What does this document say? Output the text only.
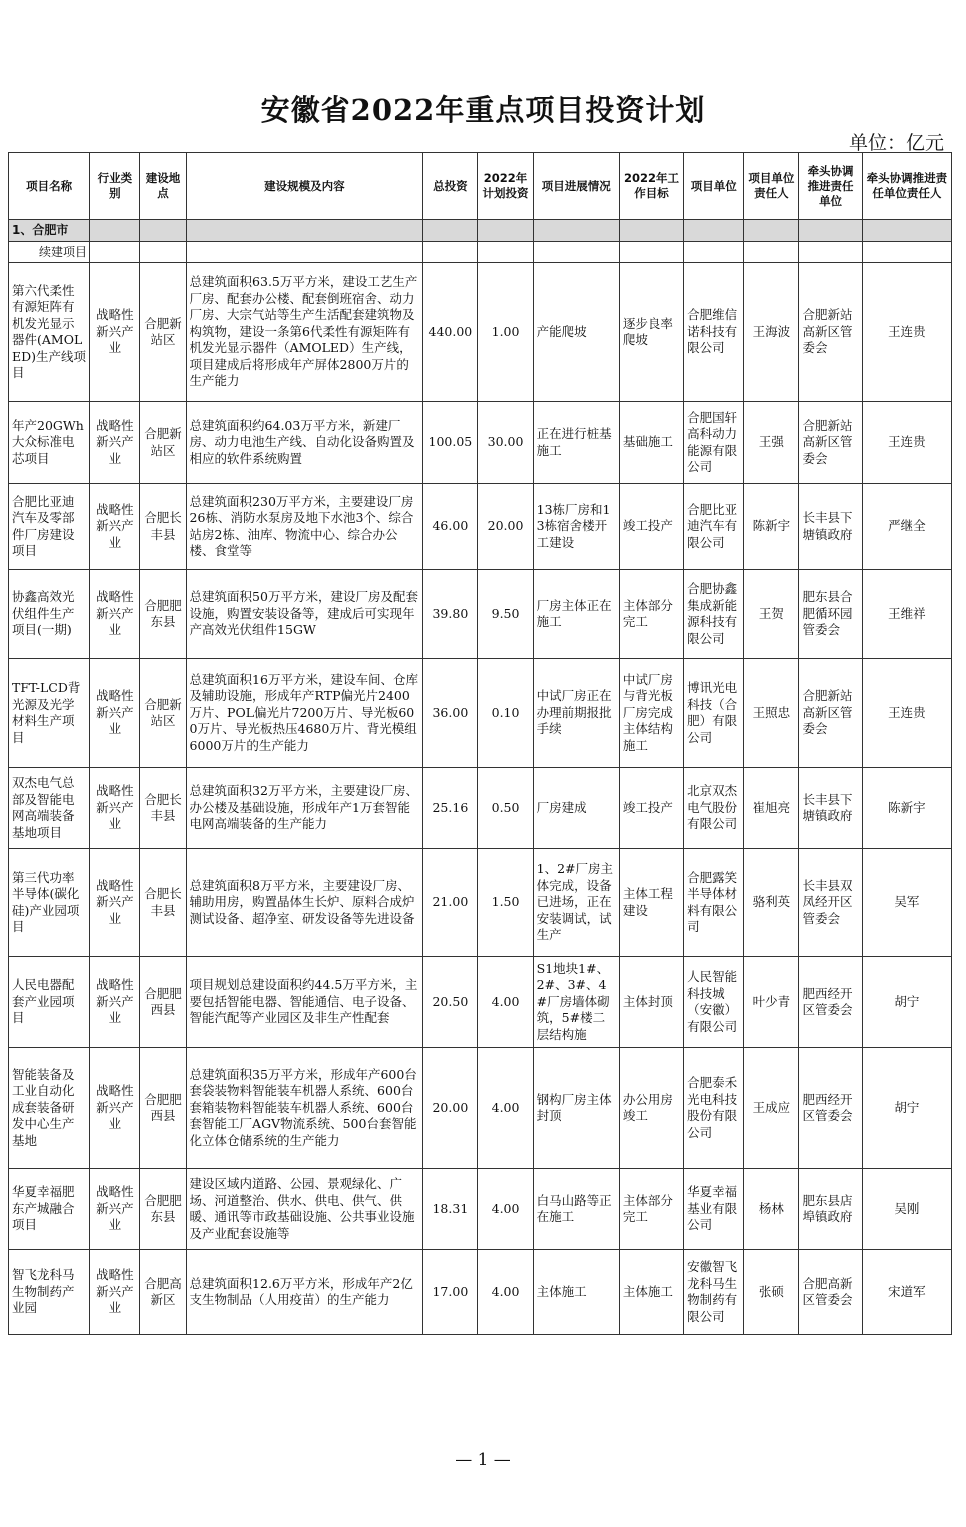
安徽省2022年重点项目投资计划
单位：亿元
项目名称	行业类别	建设地点	建设规模及内容	总投资	2022年计划投资	项目进展情况	2022年工作目标	项目单位	项目单位责任人	牵头协调推进责任单位	牵头协调推进责任单位责任人
1、合肥市											
续建项目											
第六代柔性有源矩阵有机发光显示器件(AMOLED)生产线项目	战略性新兴产业	合肥新站区	总建筑面积63.5万平方米，建设工艺生产厂房、配套办公楼、配套倒班宿舍、动力厂房、大宗气站等生产生活配套建筑物及构筑物，建设一条第6代柔性有源矩阵有机发光显示器件（AMOLED）生产线，项目建成后将形成年产屏体2800万片的生产能力	440.00	1.00	产能爬坡	逐步良率爬坡	合肥维信诺科技有限公司	王海波	合肥新站高新区管委会	王连贵
年产20GWh大众标准电芯项目	战略性新兴产业	合肥新站区	总建筑面积约64.03万平方米，新建厂房、动力电池生产线、自动化设备购置及相应的软件系统购置	100.05	30.00	正在进行桩基施工	基础施工	合肥国轩高科动力能源有限公司	王强	合肥新站高新区管委会	王连贵
合肥比亚迪汽车及零部件厂房建设项目	战略性新兴产业	合肥长丰县	总建筑面积230万平方米，主要建设厂房26栋、消防水泵房及地下水池3个、综合站房2栋、油库、物流中心、综合办公楼、食堂等	46.00	20.00	13栋厂房和13栋宿舍楼开工建设	竣工投产	合肥比亚迪汽车有限公司	陈新宇	长丰县下塘镇政府	严继全
协鑫高效光伏组件生产项目(一期)	战略性新兴产业	合肥肥东县	总建筑面积50万平方米，建设厂房及配套设施，购置安装设备等，建成后可实现年产高效光伏组件15GW	39.80	9.50	厂房主体正在施工	主体部分完工	合肥协鑫集成新能源科技有限公司	王贺	肥东县合肥循环园管委会	王维祥
TFT-LCD背光源及光学材料生产项目	战略性新兴产业	合肥新站区	总建筑面积16万平方米，建设车间、仓库及辅助设施，形成年产RTP偏光片2400万片、POL偏光片7200万片、导光板600万片、导光板热压4680万片、背光模组6000万片的生产能力	36.00	0.10	中试厂房正在办理前期报批手续	中试厂房与背光板厂房完成主体结构施工	博讯光电科技（合肥）有限公司	王照忠	合肥新站高新区管委会	王连贵
双杰电气总部及智能电网高端装备基地项目	战略性新兴产业	合肥长丰县	总建筑面积32万平方米，主要建设厂房、办公楼及基础设施，形成年产1万套智能电网高端装备的生产能力	25.16	0.50	厂房建成	竣工投产	北京双杰电气股份有限公司	崔旭亮	长丰县下塘镇政府	陈新宇
第三代功率半导体(碳化硅)产业园项目	战略性新兴产业	合肥长丰县	总建筑面积8万平方米，主要建设厂房、辅助用房，购置晶体生长炉、原料合成炉测试设备、超净室、研发设备等先进设备	21.00	1.50	1、2#厂房主体完成，设备已进场，正在安装调试，试生产	主体工程建设	合肥露笑半导体材料有限公司	骆利英	长丰县双凤经开区管委会	吴军
人民电器配套产业园项目	战略性新兴产业	合肥肥西县	项目规划总建设面积约44.5万平方米，主要包括智能电器、智能通信、电子设备、智能汽配等产业园区及非生产性配套	20.50	4.00	S1地块1#、2#、3#、4#厂房墙体砌筑，5#楼二层结构施	主体封顶	人民智能科技城（安徽）有限公司	叶少青	肥西经开区管委会	胡宁
智能装备及工业自动化成套装备研发中心生产基地	战略性新兴产业	合肥肥西县	总建筑面积35万平方米，形成年产600台套袋装物料智能装车机器人系统、600台套箱装物料智能装车机器人系统、600台套智能工厂AGV物流系统、500台套智能化立体仓储系统的生产能力	20.00	4.00	钢构厂房主体封顶	办公用房竣工	合肥泰禾光电科技股份有限公司	王成应	肥西经开区管委会	胡宁
华夏幸福肥东产城融合项目	战略性新兴产业	合肥肥东县	建设区域内道路、公园、景观绿化、广场、河道整治、供水、供电、供气、供暖、通讯等市政基础设施、公共事业设施及产业配套设施等	18.31	4.00	白马山路等正在施工	主体部分完工	华夏幸福基业有限公司	杨林	肥东县店埠镇政府	吴刚
智飞龙科马生物制药产业园	战略性新兴产业	合肥高新区	总建筑面积12.6万平方米，形成年产2亿支生物制品（人用疫苗）的生产能力	17.00	4.00	主体施工	主体施工	安徽智飞龙科马生物制药有限公司	张硕	合肥高新区管委会	宋道军
— 1 —
